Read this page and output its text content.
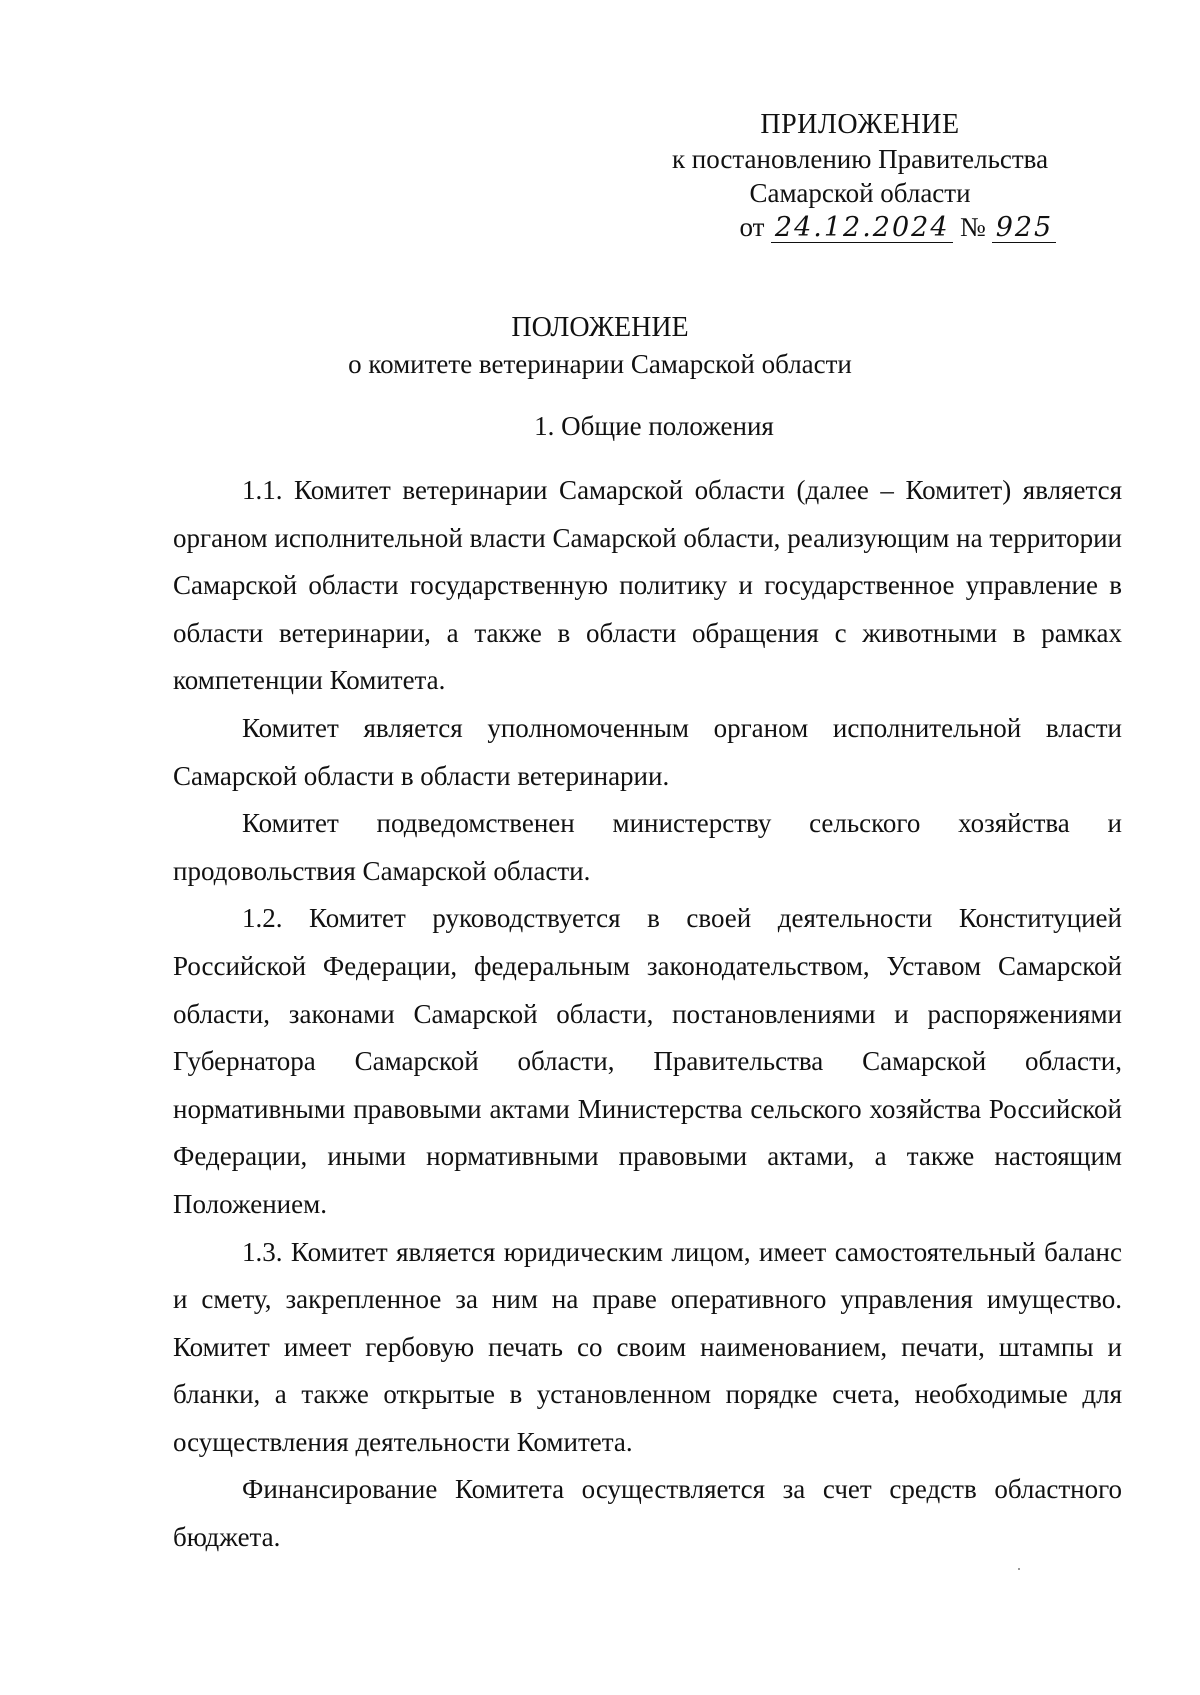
ПРИЛОЖЕНИЕ
к постановлению Правительства
Самарской области
от 24.12.2024 № 925
ПОЛОЖЕНИЕ
о комитете ветеринарии Самарской области
1. Общие положения

1.1. Комитет ветеринарии Самарской области (далее – Комитет) является органом исполнительной власти Самарской области, реализующим на территории Самарской области государственную политику и государственное управление в области ветеринарии, а также в области обращения с животными в рамках компетенции Комитета.

Комитет является уполномоченным органом исполнительной власти Самарской области в области ветеринарии.

Комитет подведомственен министерству сельского хозяйства и продовольствия Самарской области.

1.2. Комитет руководствуется в своей деятельности Конституцией Российской Федерации, федеральным законодательством, Уставом Самарской области, законами Самарской области, постановлениями и распоряжениями Губернатора Самарской области, Правительства Самарской области, нормативными правовыми актами Министерства сельского хозяйства Российской Федерации, иными нормативными правовыми актами, а также настоящим Положением.

1.3. Комитет является юридическим лицом, имеет самостоятельный баланс и смету, закрепленное за ним на праве оперативного управления имущество. Комитет имеет гербовую печать со своим наименованием, печати, штампы и бланки, а также открытые в установленном порядке счета, необходимые для осуществления деятельности Комитета.

Финансирование Комитета осуществляется за счет средств областного бюджета.
